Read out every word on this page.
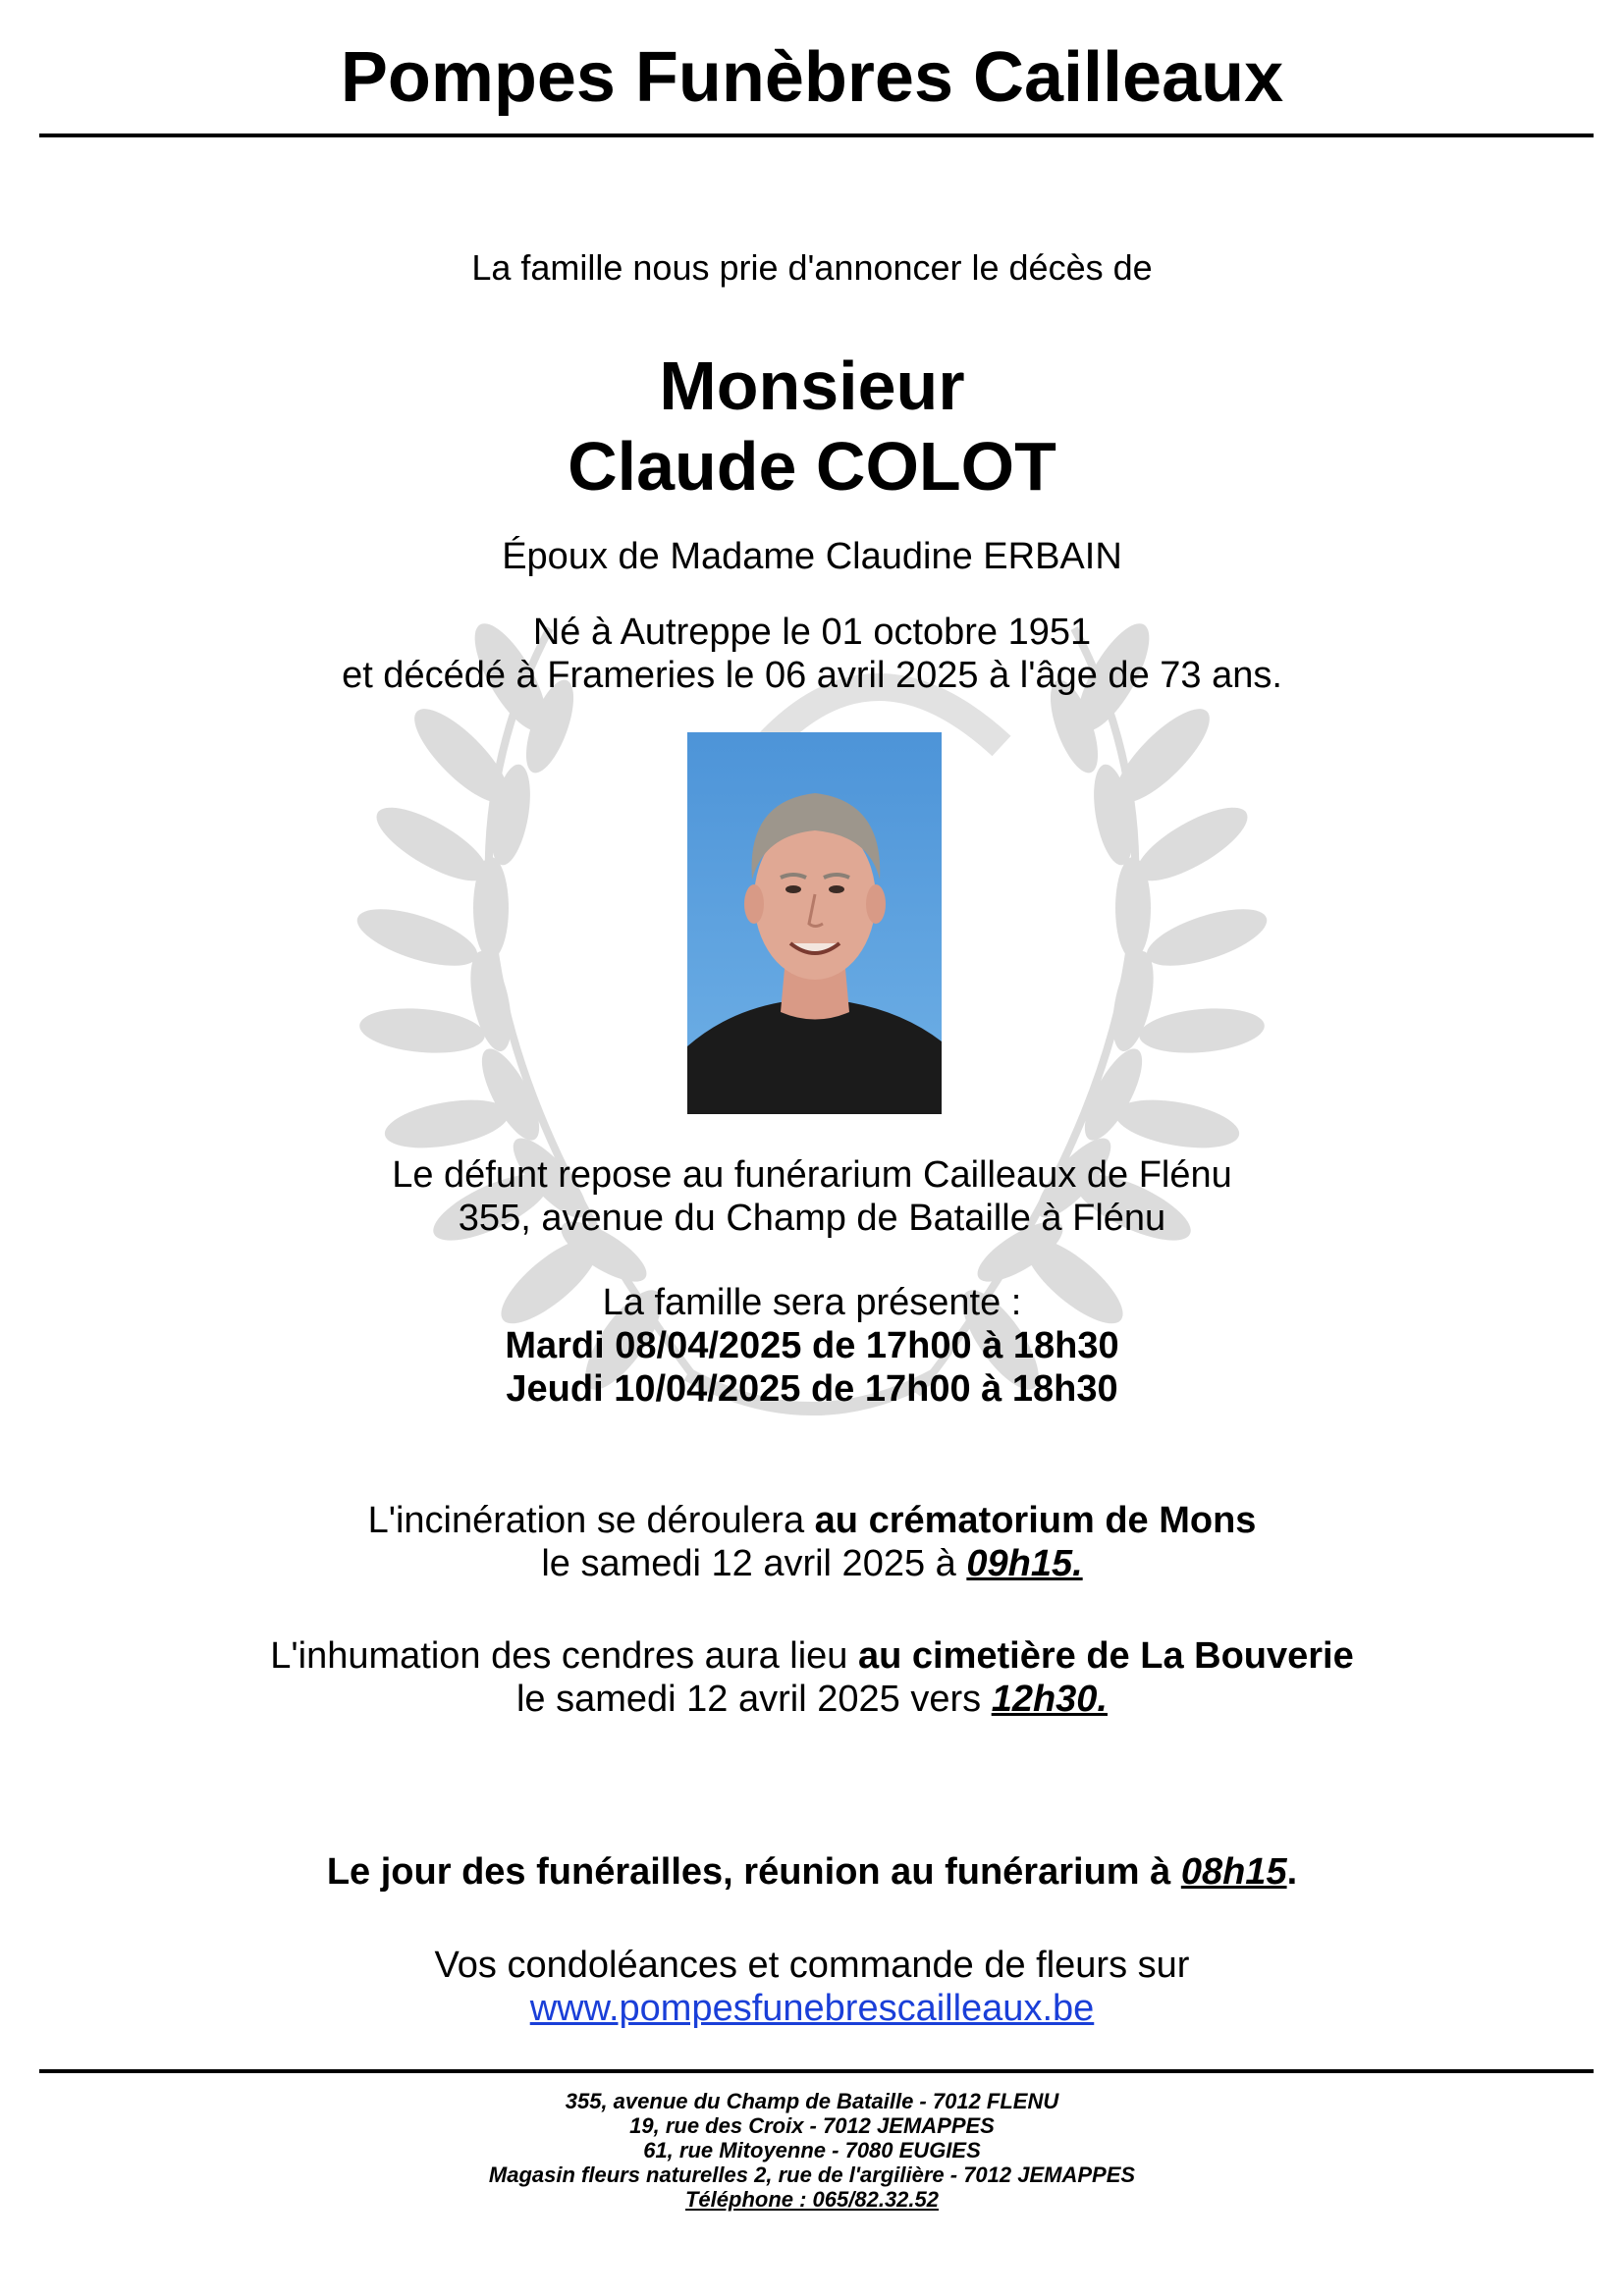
Pompes Funèbres Cailleaux
La famille nous prie d'annoncer le décès de
Monsieur
Claude COLOT
Époux de Madame Claudine ERBAIN
Né à Autreppe le 01 octobre 1951
et décédé à Frameries le 06 avril 2025 à l'âge de 73 ans.
Le défunt repose au funérarium Cailleaux de Flénu
355, avenue du Champ de Bataille à Flénu
La famille sera présente :
Mardi 08/04/2025 de 17h00 à 18h30
Jeudi 10/04/2025 de 17h00 à 18h30
L'incinération se déroulera au crématorium de Mons
le samedi 12 avril 2025 à 09h15.
L'inhumation des cendres aura lieu au cimetière de La Bouverie
le samedi 12 avril 2025 vers 12h30.
Le jour des funérailles, réunion au funérarium à 08h15.
Vos condoléances et commande de fleurs sur
www.pompesfunebrescailleaux.be
355, avenue du Champ de Bataille - 7012 FLENU
19, rue des Croix - 7012 JEMAPPES
61, rue Mitoyenne - 7080 EUGIES
Magasin fleurs naturelles 2, rue de l'argilière - 7012 JEMAPPES
Téléphone : 065/82.32.52
